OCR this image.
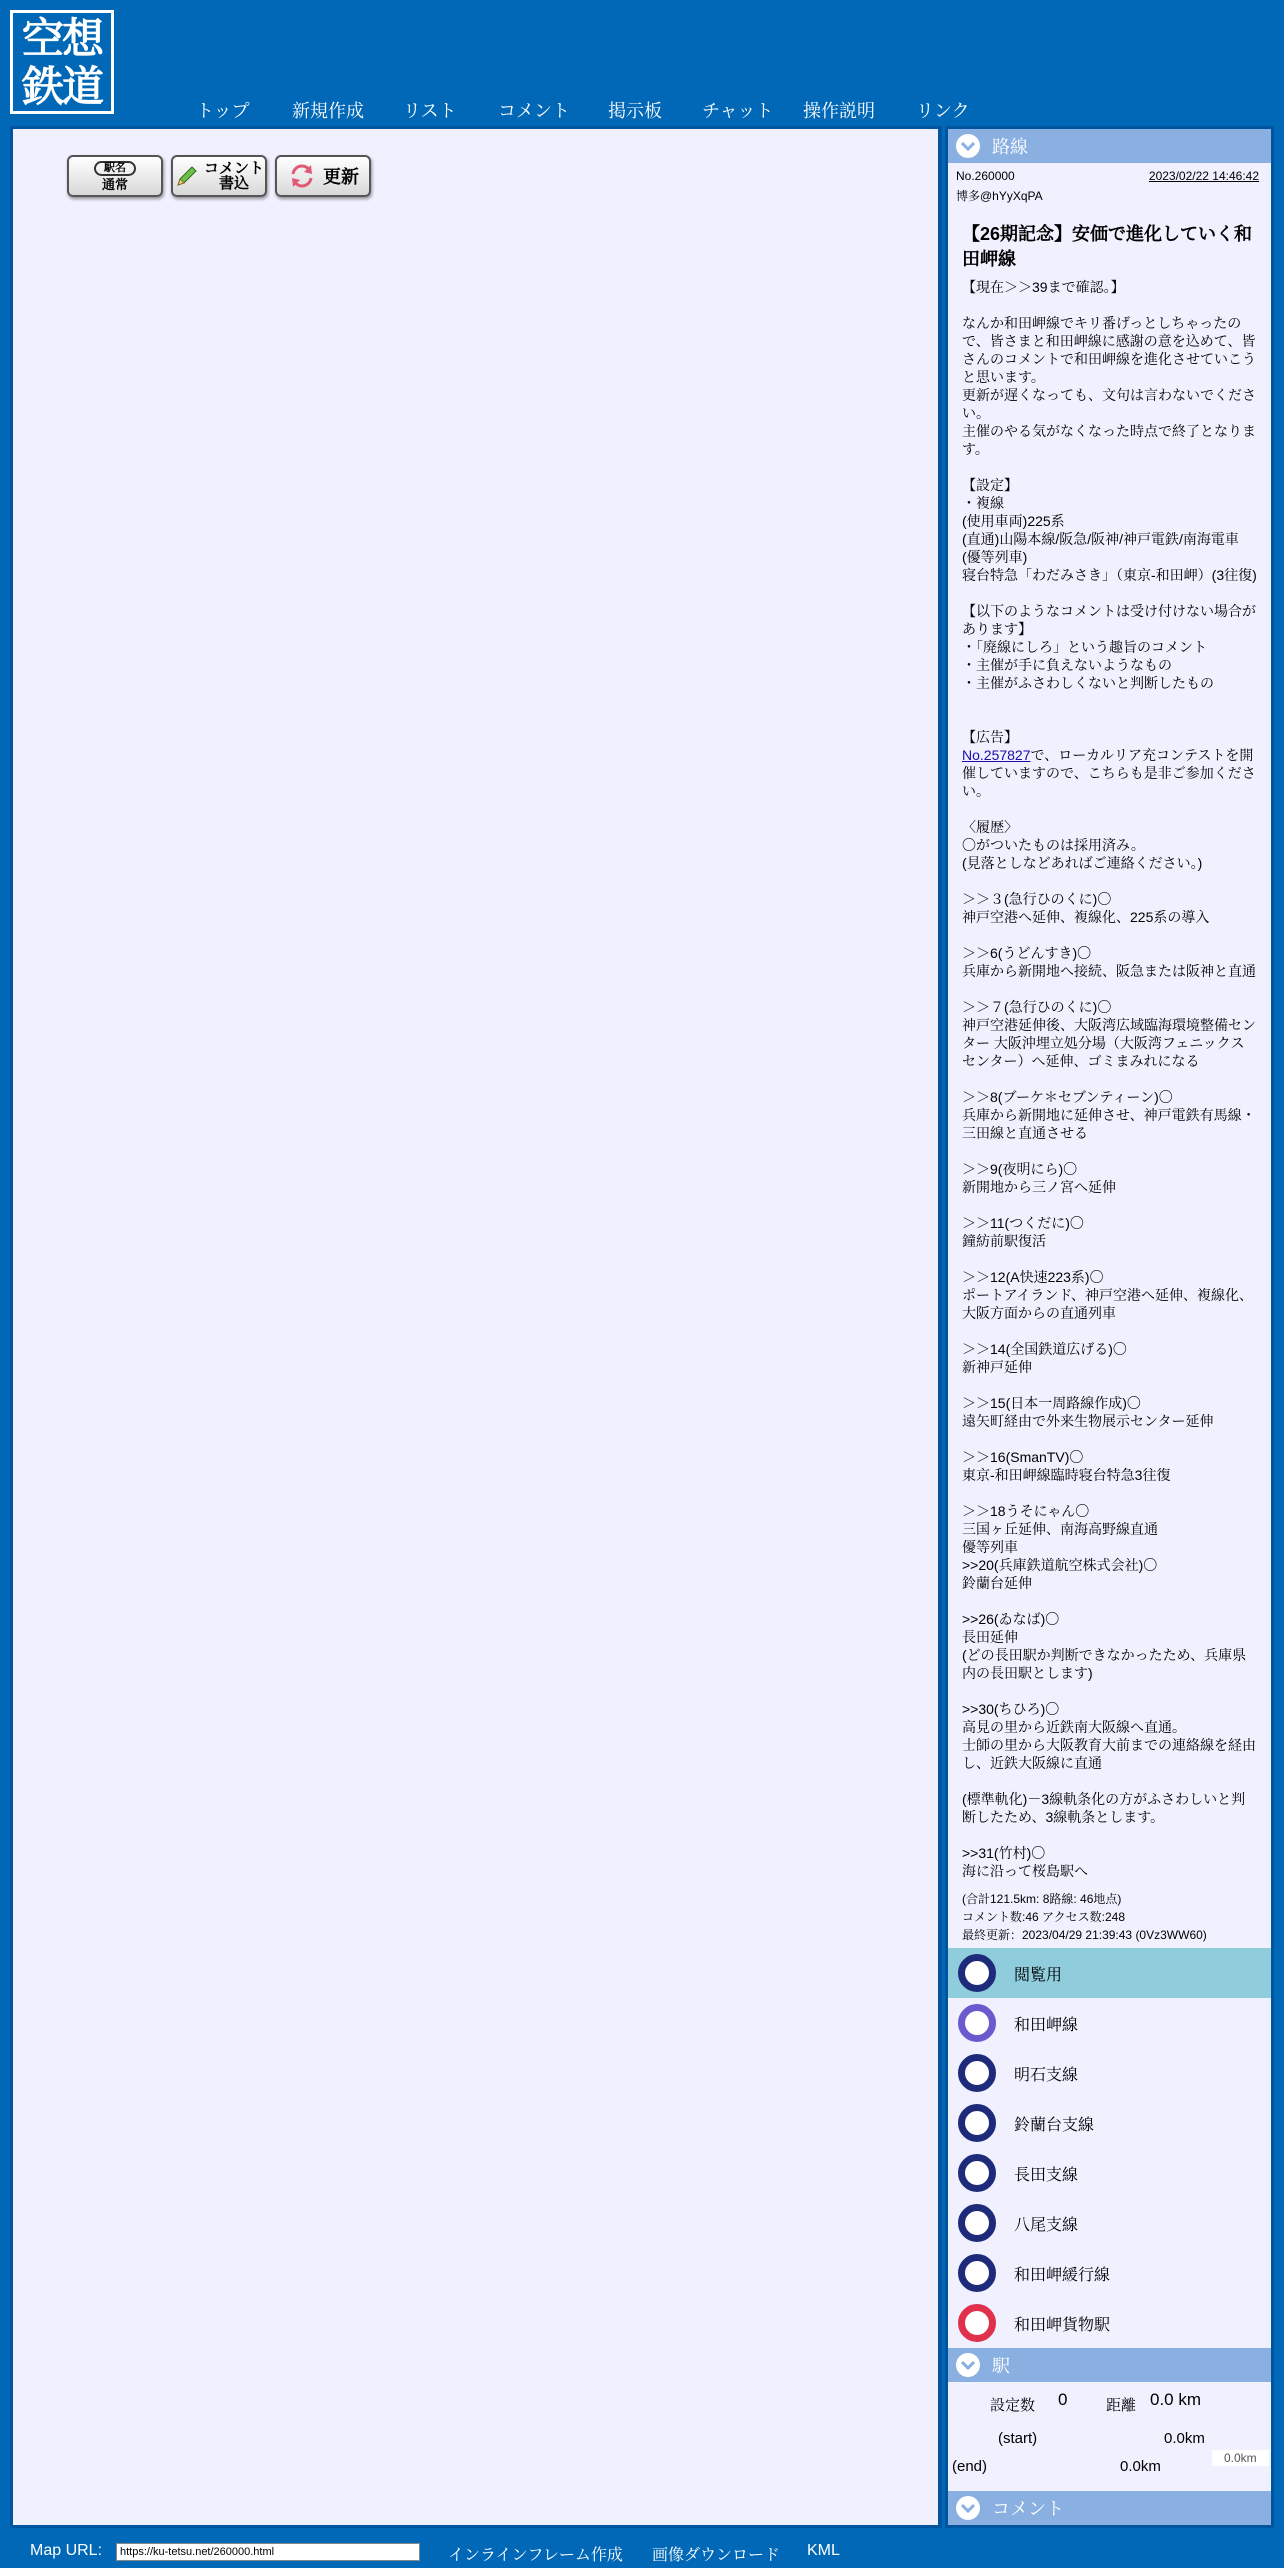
空想
鉄道	トップ 新規作成 リスト コメント 掲示板 チャット 操作説明 リンク
駅名
通常
コメント
書込	更新
路線
No.260000	2023/02/22 14:46:42
博多@hYyXqPA
【26期記念】安価で進化していく和田岬線
【現在＞＞39まで確認。】

なんか和田岬線でキリ番げっとしちゃったので、皆さまと和田岬線に感謝の意を込めて、皆さんのコメントで和田岬線を進化させていこうと思います。
更新が遅くなっても、文句は言わないでください。
主催のやる気がなくなった時点で終了となります。

【設定】
・複線
(使用車両)225系
(直通)山陽本線/阪急/阪神/神戸電鉄/南海電車
(優等列車)
寝台特急「わだみさき」（東京-和田岬）(3往復)

【以下のようなコメントは受け付けない場合があります】
・「廃線にしろ」という趣旨のコメント
・主催が手に負えないようなもの
・主催がふさわしくないと判断したもの

【広告】
No.257827で、ローカルリア充コンテストを開催していますので、こちらも是非ご参加ください。

〈履歴〉
〇がついたものは採用済み。
(見落としなどあればご連絡ください。)

＞＞３(急行ひのくに)〇
神戸空港へ延伸、複線化、225系の導入

＞＞6(うどんすき)〇
兵庫から新開地へ接続、阪急または阪神と直通

＞＞７(急行ひのくに)〇
神戸空港延伸後、大阪湾広域臨海環境整備センター 大阪沖埋立処分場（大阪湾フェニックス センター）へ延伸、ゴミまみれになる

＞＞8(ブーケ＊セブンティーン)〇
兵庫から新開地に延伸させ、神戸電鉄有馬線・三田線と直通させる

＞＞9(夜明にら)〇
新開地から三ノ宮へ延伸

＞＞11(つくだに)〇
鐘紡前駅復活

＞＞12(A快速223系)〇
ポートアイランド、神戸空港へ延伸、複線化、大阪方面からの直通列車

＞＞14(全国鉄道広げる)〇
新神戸延伸

＞＞15(日本一周路線作成)〇
遠矢町経由で外来生物展示センター延伸

＞＞16(SmanTV)〇
東京-和田岬線臨時寝台特急3往復

＞＞18うそにゃん〇
三国ヶ丘延伸、南海高野線直通
優等列車
>>20(兵庫鉄道航空株式会社)〇
鈴蘭台延伸

>>26(ゐなば)〇
長田延伸
(どの長田駅か判断できなかったため、兵庫県内の長田駅とします)

>>30(ちひろ)〇
高見の里から近鉄南大阪線へ直通。
士師の里から大阪教育大前までの連絡線を経由し、近鉄大阪線に直通

(標準軌化)－3線軌条化の方がふさわしいと判断したため、3線軌条とします。

>>31(竹村)〇
海に沿って桜島駅へ
(合計121.5km: 8路線: 46地点)
コメント数:46 アクセス数:248
最終更新：2023/04/29 21:39:43 (0Vz3WW60)
閲覧用
和田岬線
明石支線
鈴蘭台支線
長田支線
八尾支線
和田岬緩行線
和田岬貨物駅
駅
設定数 0	距離 0.0 km
(start)	0.0km
(end)	0.0km	0.0km
コメント
Map URL:
https://ku-tetsu.net/260000.html	インラインフレーム作成 画像ダウンロード KML
